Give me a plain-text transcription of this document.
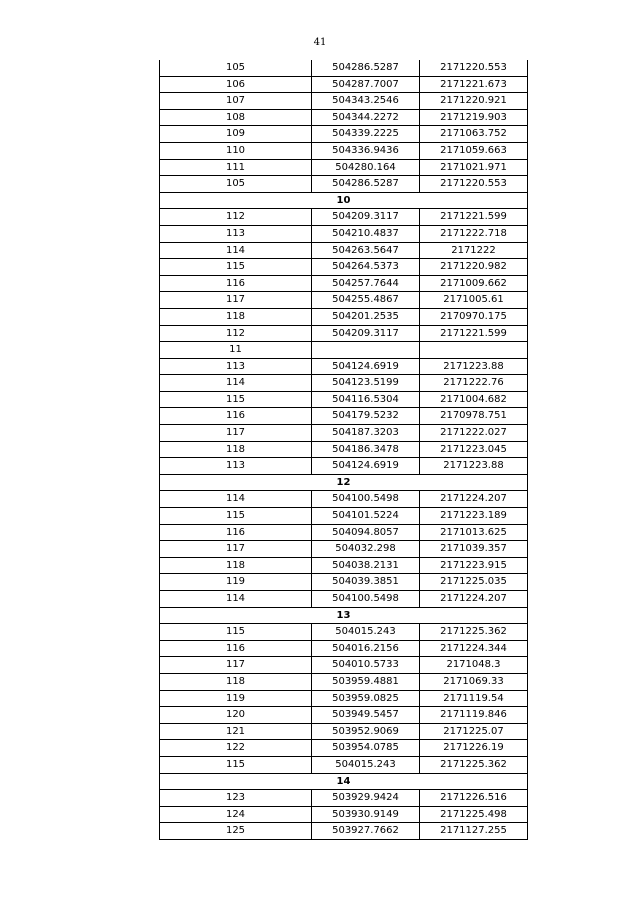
41
105	504286.5287	2171220.553
106	504287.7007	2171221.673
107	504343.2546	2171220.921
108	504344.2272	2171219.903
109	504339.2225	2171063.752
110	504336.9436	2171059.663
111	504280.164	2171021.971
105	504286.5287	2171220.553
10		
112	504209.3117	2171221.599
113	504210.4837	2171222.718
114	504263.5647	2171222
115	504264.5373	2171220.982
116	504257.7644	2171009.662
117	504255.4867	2171005.61
118	504201.2535	2170970.175
112	504209.3117	2171221.599
11		
113	504124.6919	2171223.88
114	504123.5199	2171222.76
115	504116.5304	2171004.682
116	504179.5232	2170978.751
117	504187.3203	2171222.027
118	504186.3478	2171223.045
113	504124.6919	2171223.88
12		
114	504100.5498	2171224.207
115	504101.5224	2171223.189
116	504094.8057	2171013.625
117	504032.298	2171039.357
118	504038.2131	2171223.915
119	504039.3851	2171225.035
114	504100.5498	2171224.207
13		
115	504015.243	2171225.362
116	504016.2156	2171224.344
117	504010.5733	2171048.3
118	503959.4881	2171069.33
119	503959.0825	2171119.54
120	503949.5457	2171119.846
121	503952.9069	2171225.07
122	503954.0785	2171226.19
115	504015.243	2171225.362
14		
123	503929.9424	2171226.516
124	503930.9149	2171225.498
125	503927.7662	2171127.255
